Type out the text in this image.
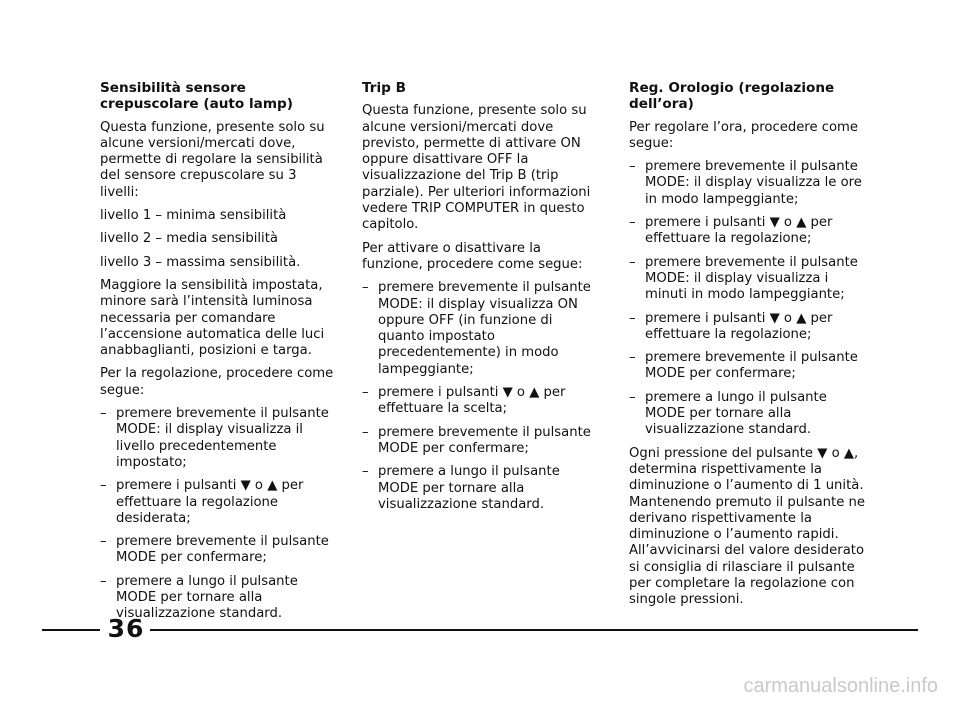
Sensibilità sensore crepuscolare (auto lamp)
Questa funzione, presente solo su alcune versioni/mercati dove, permette di regolare la sensibilità del sensore crepuscolare su 3 livelli:
livello 1 – minima sensibilità
livello 2 – media sensibilità
livello 3 – massima sensibilità.
Maggiore la sensibilità impostata, minore sarà l’intensità luminosa necessaria per comandare l’accensione automatica delle luci anabbaglianti, posizioni e targa.
Per la regolazione, procedere come segue:
– premere brevemente il pulsante MODE: il display visualizza il livello precedentemente impostato;
– premere i pulsanti ▼ o ▲ per effettuare la regolazione desiderata;
– premere brevemente il pulsante MODE per confermare;
– premere a lungo il pulsante MODE per tornare alla visualizzazione standard.
Trip B
Questa funzione, presente solo su alcune versioni/mercati dove previsto, permette di attivare ON oppure disattivare OFF la visualizzazione del Trip B (trip parziale). Per ulteriori informazioni vedere TRIP COMPUTER in questo capitolo.
Per attivare o disattivare la funzione, procedere come segue:
– premere brevemente il pulsante MODE: il display visualizza ON oppure OFF (in funzione di quanto impostato precedentemente) in modo lampeggiante;
– premere i pulsanti ▼ o ▲ per effettuare la scelta;
– premere brevemente il pulsante MODE per confermare;
– premere a lungo il pulsante MODE per tornare alla visualizzazione standard.
Reg. Orologio (regolazione dell’ora)
Per regolare l’ora, procedere come segue:
– premere brevemente il pulsante MODE: il display visualizza le ore in modo lampeggiante;
– premere i pulsanti ▼ o ▲ per effettuare la regolazione;
– premere brevemente il pulsante MODE: il display visualizza i minuti in modo lampeggiante;
– premere i pulsanti ▼ o ▲ per effettuare la regolazione;
– premere brevemente il pulsante MODE per confermare;
– premere a lungo il pulsante MODE per tornare alla visualizzazione standard.
Ogni pressione del pulsante ▼ o ▲, determina rispettivamente la diminuzione o l’aumento di 1 unità. Mantenendo premuto il pulsante ne derivano rispettivamente la diminuzione o l’aumento rapidi. All’avvicinarsi del valore desiderato si consiglia di rilasciare il pulsante per completare la regolazione con singole pressioni.
36
carmanualsonline.info
